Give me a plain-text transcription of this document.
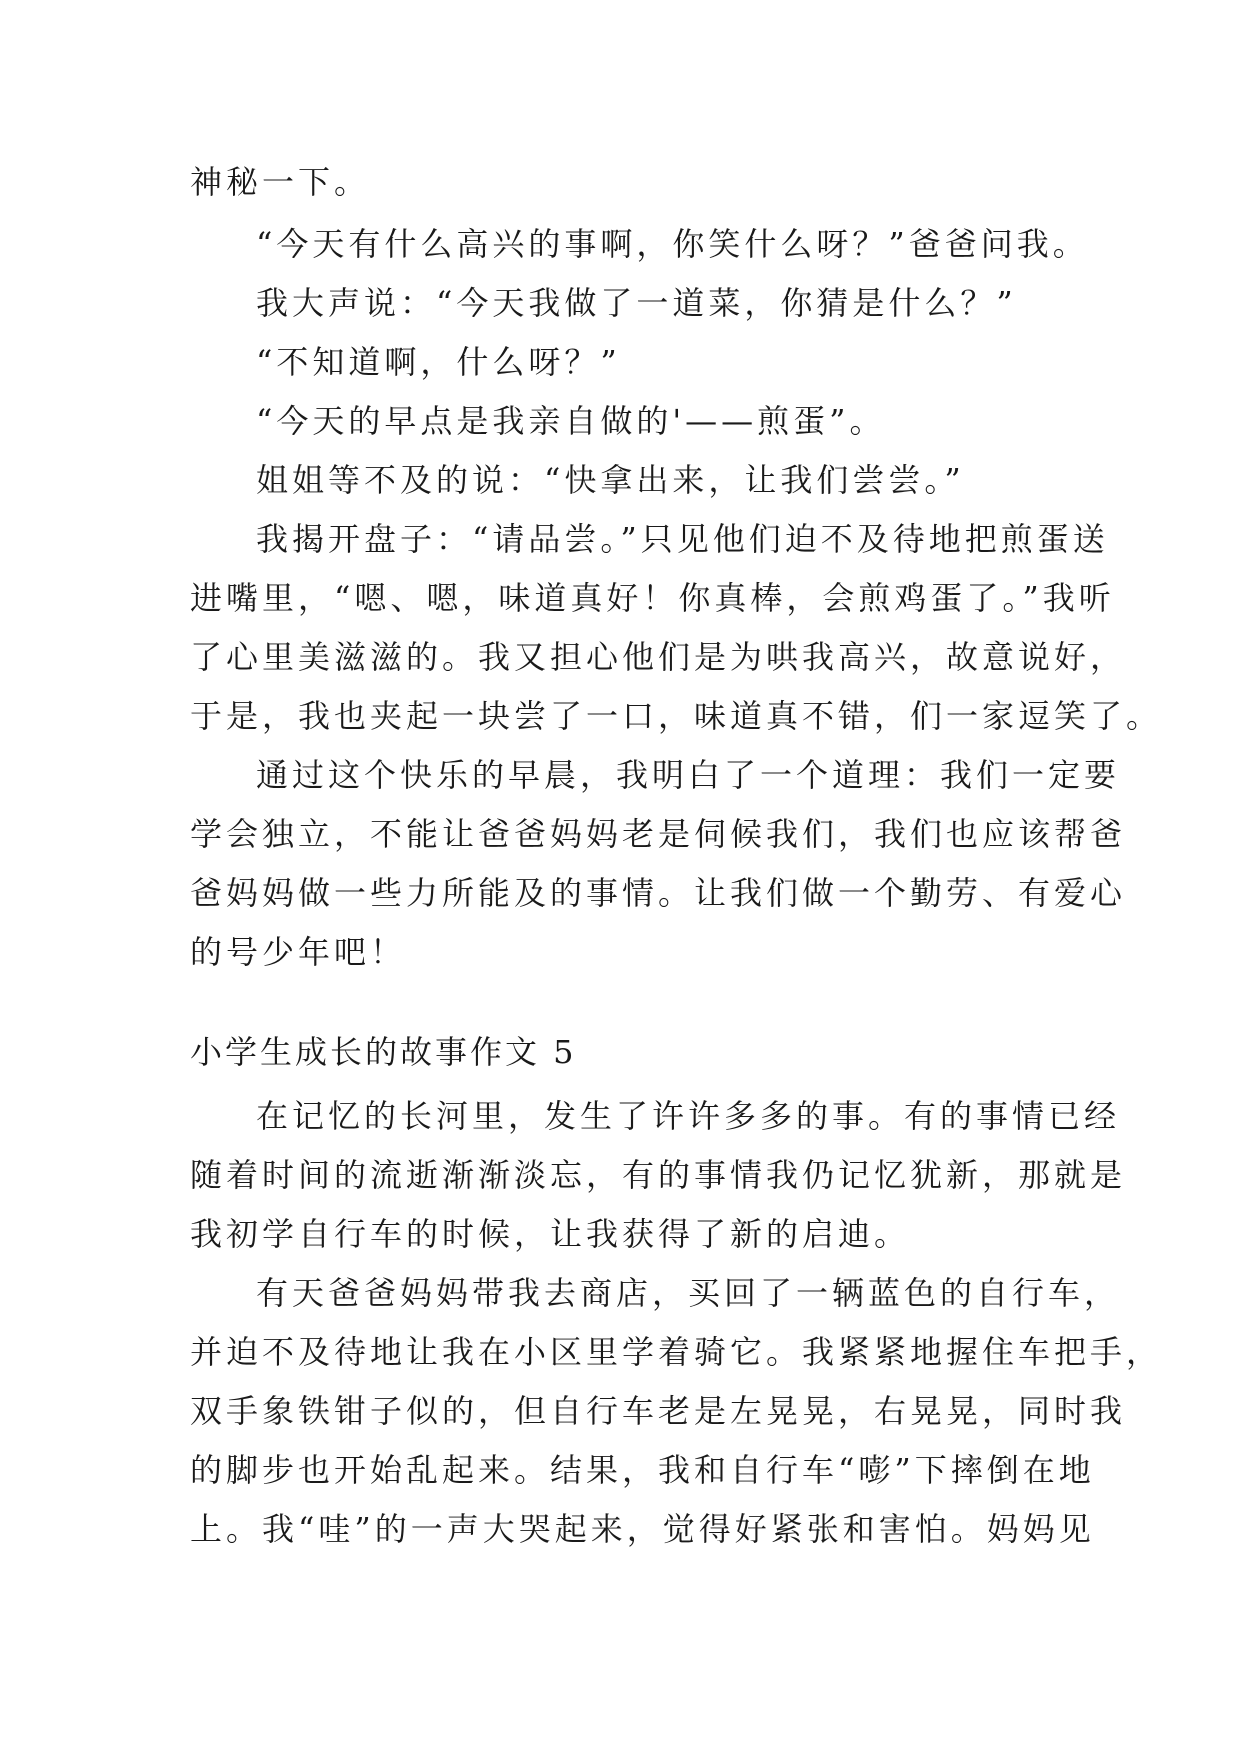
神秘一下。
“今天有什么高兴的事啊，你笑什么呀？”爸爸问我。
我大声说：“今天我做了一道菜，你猜是什么？”
“不知道啊，什么呀？”
“今天的早点是我亲自做的'——煎蛋”。
姐姐等不及的说：“快拿出来，让我们尝尝。”
我揭开盘子：“请品尝。”只见他们迫不及待地把煎蛋送
进嘴里，“嗯、嗯，味道真好！你真棒，会煎鸡蛋了。”我听
了心里美滋滋的。我又担心他们是为哄我高兴，故意说好，
于是，我也夹起一块尝了一口，味道真不错，们一家逗笑了。
通过这个快乐的早晨，我明白了一个道理：我们一定要
学会独立，不能让爸爸妈妈老是伺候我们，我们也应该帮爸
爸妈妈做一些力所能及的事情。让我们做一个勤劳、有爱心
的号少年吧！
小学生成长的故事作文 5
在记忆的长河里，发生了许许多多的事。有的事情已经
随着时间的流逝渐渐淡忘，有的事情我仍记忆犹新，那就是
我初学自行车的时候，让我获得了新的启迪。
有天爸爸妈妈带我去商店，买回了一辆蓝色的自行车，
并迫不及待地让我在小区里学着骑它。我紧紧地握住车把手，
双手象铁钳子似的，但自行车老是左晃晃，右晃晃，同时我
的脚步也开始乱起来。结果，我和自行车“嘭”下摔倒在地
上。我“哇”的一声大哭起来，觉得好紧张和害怕。妈妈见
